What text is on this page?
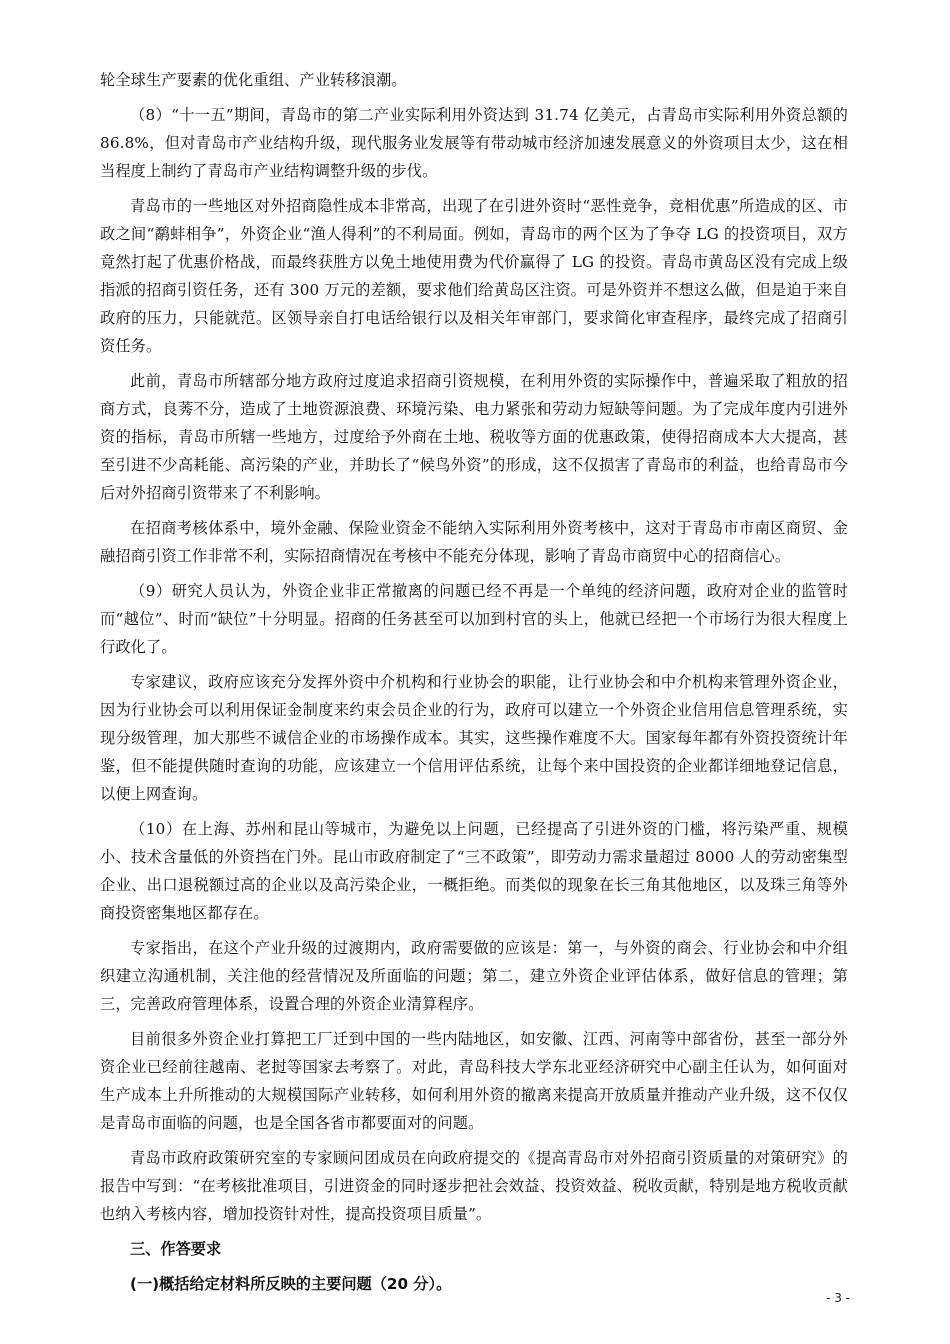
轮全球生产要素的优化重组、产业转移浪潮。

（8）“十一五”期间，青岛市的第二产业实际利用外资达到 31.74 亿美元，占青岛市实际利用外资总额的 86.8%，但对青岛市产业结构升级，现代服务业发展等有带动城市经济加速发展意义的外资项目太少，这在相当程度上制约了青岛市产业结构调整升级的步伐。

青岛市的一些地区对外招商隐性成本非常高，出现了在引进外资时“恶性竞争，竞相优惠”所造成的区、市政之间“鹬蚌相争”，外资企业“渔人得利”的不利局面。例如，青岛市的两个区为了争夺 LG 的投资项目，双方竟然打起了优惠价格战，而最终获胜方以免土地使用费为代价赢得了 LG 的投资。青岛市黄岛区没有完成上级指派的招商引资任务，还有 300 万元的差额，要求他们给黄岛区注资。可是外资并不想这么做，但是迫于来自政府的压力，只能就范。区领导亲自打电话给银行以及相关年审部门，要求简化审查程序，最终完成了招商引资任务。

此前，青岛市所辖部分地方政府过度追求招商引资规模，在利用外资的实际操作中，普遍采取了粗放的招商方式，良莠不分，造成了土地资源浪费、环境污染、电力紧张和劳动力短缺等问题。为了完成年度内引进外资的指标，青岛市所辖一些地方，过度给予外商在土地、税收等方面的优惠政策，使得招商成本大大提高，甚至引进不少高耗能、高污染的产业，并助长了“候鸟外资”的形成，这不仅损害了青岛市的利益，也给青岛市今后对外招商引资带来了不利影响。

在招商考核体系中，境外金融、保险业资金不能纳入实际利用外资考核中，这对于青岛市市南区商贸、金融招商引资工作非常不利，实际招商情况在考核中不能充分体现，影响了青岛市商贸中心的招商信心。

（9）研究人员认为，外资企业非正常撤离的问题已经不再是一个单纯的经济问题，政府对企业的监管时而“越位”、时而“缺位”十分明显。招商的任务甚至可以加到村官的头上，他就已经把一个市场行为很大程度上行政化了。

专家建议，政府应该充分发挥外资中介机构和行业协会的职能，让行业协会和中介机构来管理外资企业，因为行业协会可以利用保证金制度来约束会员企业的行为，政府可以建立一个外资企业信用信息管理系统，实现分级管理，加大那些不诚信企业的市场操作成本。其实，这些操作难度不大。国家每年都有外资投资统计年鉴，但不能提供随时查询的功能，应该建立一个信用评估系统，让每个来中国投资的企业都详细地登记信息，以便上网查询。

（10）在上海、苏州和昆山等城市，为避免以上问题，已经提高了引进外资的门槛，将污染严重、规模小、技术含量低的外资挡在门外。昆山市政府制定了“三不政策”，即劳动力需求量超过 8000 人的劳动密集型企业、出口退税额过高的企业以及高污染企业，一概拒绝。而类似的现象在长三角其他地区，以及珠三角等外商投资密集地区都存在。

专家指出，在这个产业升级的过渡期内，政府需要做的应该是：第一，与外资的商会、行业协会和中介组织建立沟通机制，关注他的经营情况及所面临的问题；第二，建立外资企业评估体系，做好信息的管理；第三，完善政府管理体系，设置合理的外资企业清算程序。

目前很多外资企业打算把工厂迁到中国的一些内陆地区，如安徽、江西、河南等中部省份，甚至一部分外资企业已经前往越南、老挝等国家去考察了。对此，青岛科技大学东北亚经济研究中心副主任认为，如何面对生产成本上升所推动的大规模国际产业转移，如何利用外资的撤离来提高开放质量并推动产业升级，这不仅仅是青岛市面临的问题，也是全国各省市都要面对的问题。

青岛市政府政策研究室的专家顾问团成员在向政府提交的《提高青岛市对外招商引资质量的对策研究》的报告中写到：“在考核批准项目，引进资金的同时逐步把社会效益、投资效益、税收贡献，特别是地方税收贡献也纳入考核内容，增加投资针对性，提高投资项目质量”。

三、作答要求

(一)概括给定材料所反映的主要问题（20 分）。

- 3 -
